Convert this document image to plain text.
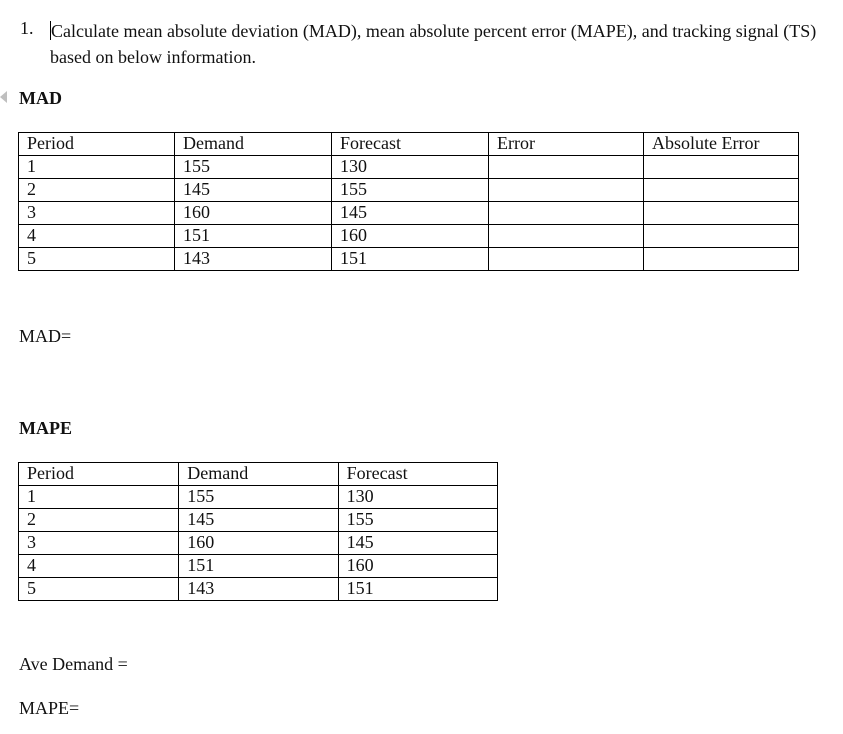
1. Calculate mean absolute deviation (MAD), mean absolute percent error (MAPE), and tracking signal (TS) based on below information.
MAD
Period	Demand	Forecast	Error	Absolute Error
1	155	130		
2	145	155		
3	160	145		
4	151	160		
5	143	151		
MAD=
MAPE
Period	Demand	Forecast
1	155	130
2	145	155
3	160	145
4	151	160
5	143	151
Ave Demand =
MAPE=
